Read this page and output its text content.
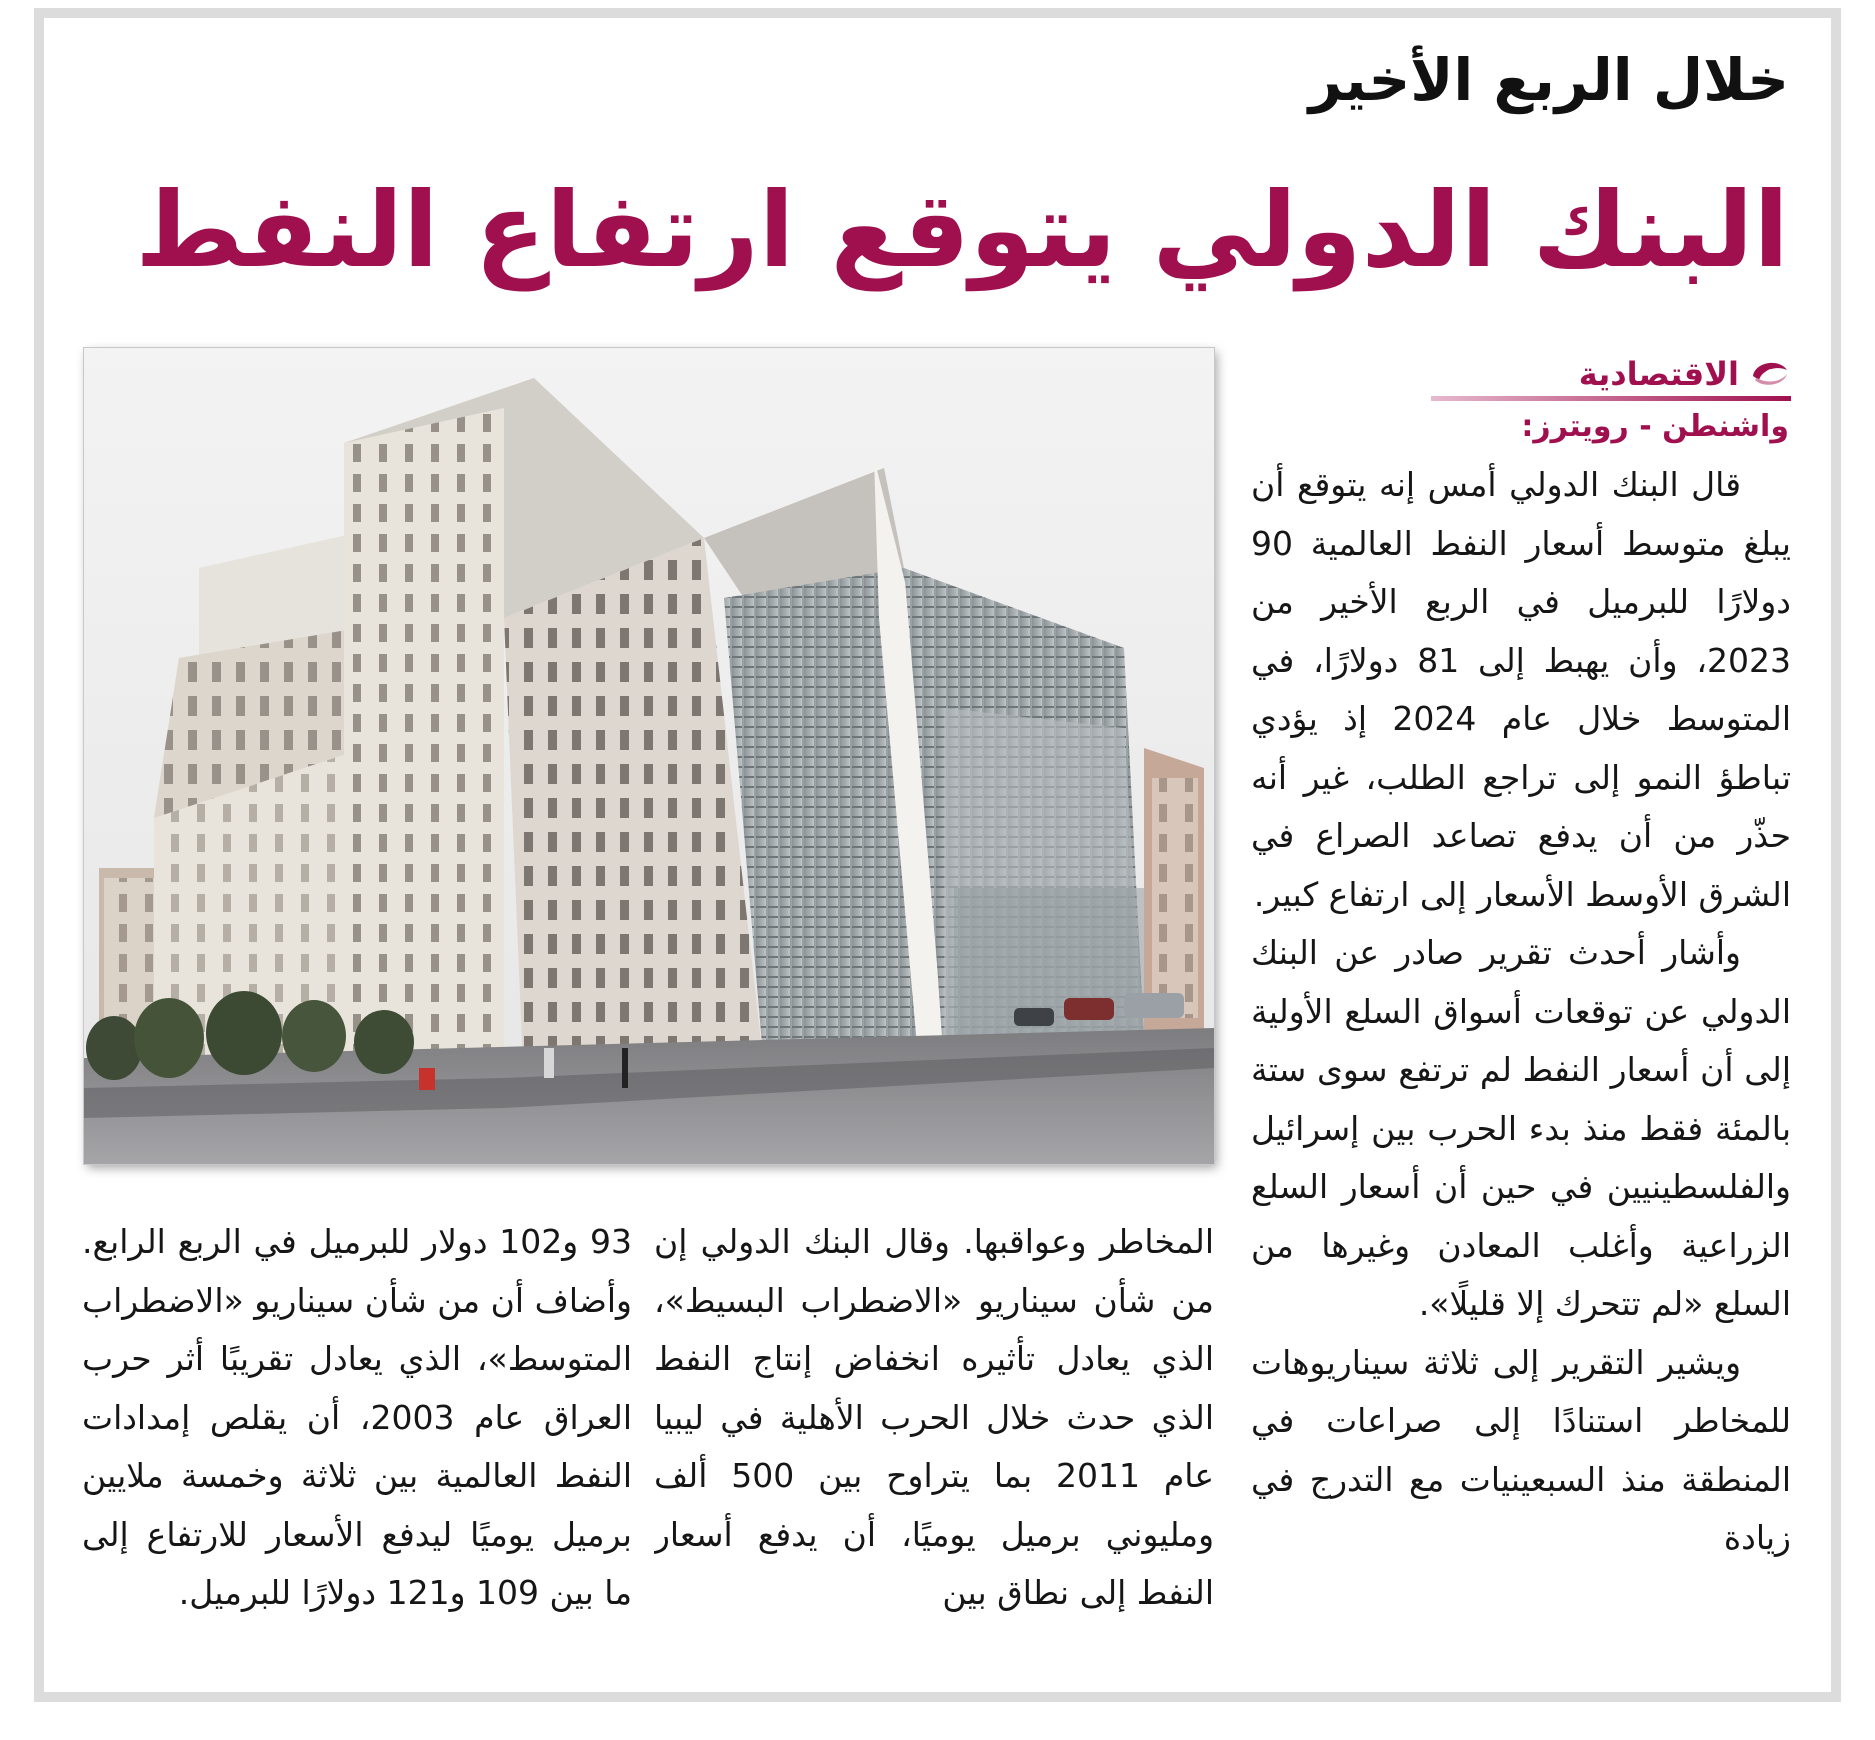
خلال الربع الأخير
البنك الدولي يتوقع ارتفاع النفط
الاقتصادية
واشنطن - رويترز:

قال البنك الدولي أمس إنه يتوقع أن يبلغ متوسط أسعار النفط العالمية 90 دولارًا للبرميل في الربع الأخير من 2023، وأن يهبط إلى 81 دولارًا، في المتوسط خلال عام 2024 إذ يؤدي تباطؤ النمو إلى تراجع الطلب، غير أنه حذّر من أن يدفع تصاعد الصراع في الشرق الأوسط الأسعار إلى ارتفاع كبير.

وأشار أحدث تقرير صادر عن البنك الدولي عن توقعات أسواق السلع الأولية إلى أن أسعار النفط لم ترتفع سوى ستة بالمئة فقط منذ بدء الحرب بين إسرائيل والفلسطينيين في حين أن أسعار السلع الزراعية وأغلب المعادن وغيرها من السلع «لم تتحرك إلا قليلًا».

ويشير التقرير إلى ثلاثة سيناريوهات للمخاطر استنادًا إلى صراعات في المنطقة منذ السبعينيات مع التدرج في زيادة

المخاطر وعواقبها. وقال البنك الدولي إن من شأن سيناريو «الاضطراب البسيط»، الذي يعادل تأثيره انخفاض إنتاج النفط الذي حدث خلال الحرب الأهلية في ليبيا عام 2011 بما يتراوح بين 500 ألف ومليوني برميل يوميًا، أن يدفع أسعار النفط إلى نطاق بين

93 و102 دولار للبرميل في الربع الرابع. وأضاف أن من شأن سيناريو «الاضطراب المتوسط»، الذي يعادل تقريبًا أثر حرب العراق عام 2003، أن يقلص إمدادات النفط العالمية بين ثلاثة وخمسة ملايين برميل يوميًا ليدفع الأسعار للارتفاع إلى ما بين 109 و121 دولارًا للبرميل.
